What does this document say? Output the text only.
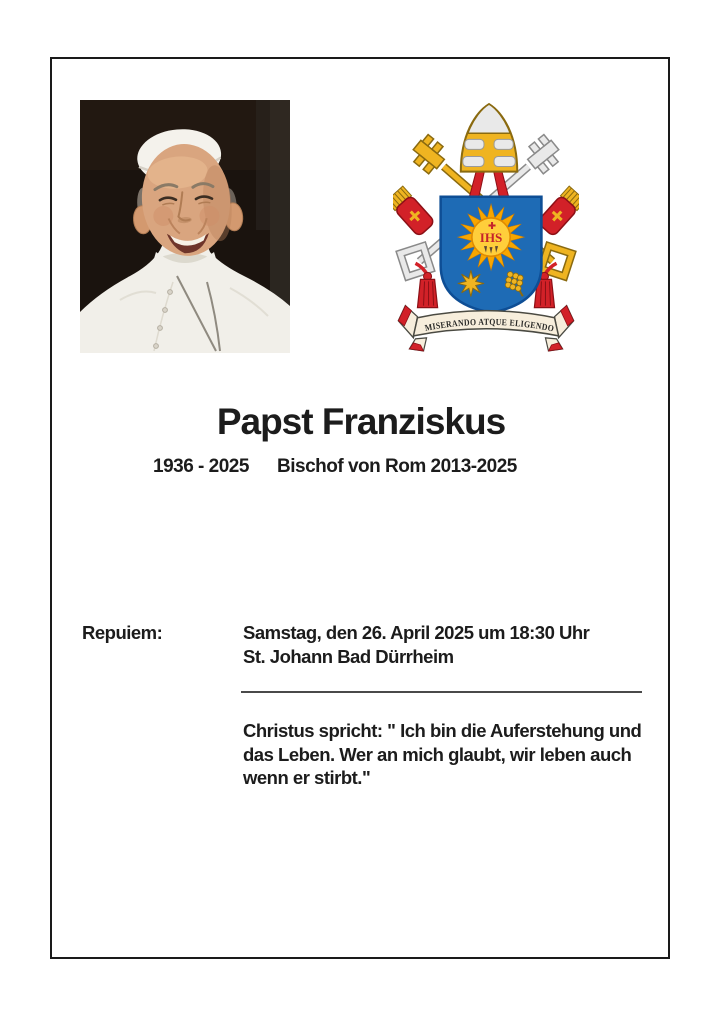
IHS
MISERANDO ATQUE ELIGENDO
Papst Franziskus
1936 - 2025 Bischof von Rom 2013-2025
Repuiem:	Samstag, den 26. April 2025 um 18:30 Uhr
St. Johann Bad Dürrheim
Christus spricht: " Ich bin die Auferstehung und
das Leben. Wer an mich glaubt, wir leben auch
wenn er stirbt."
